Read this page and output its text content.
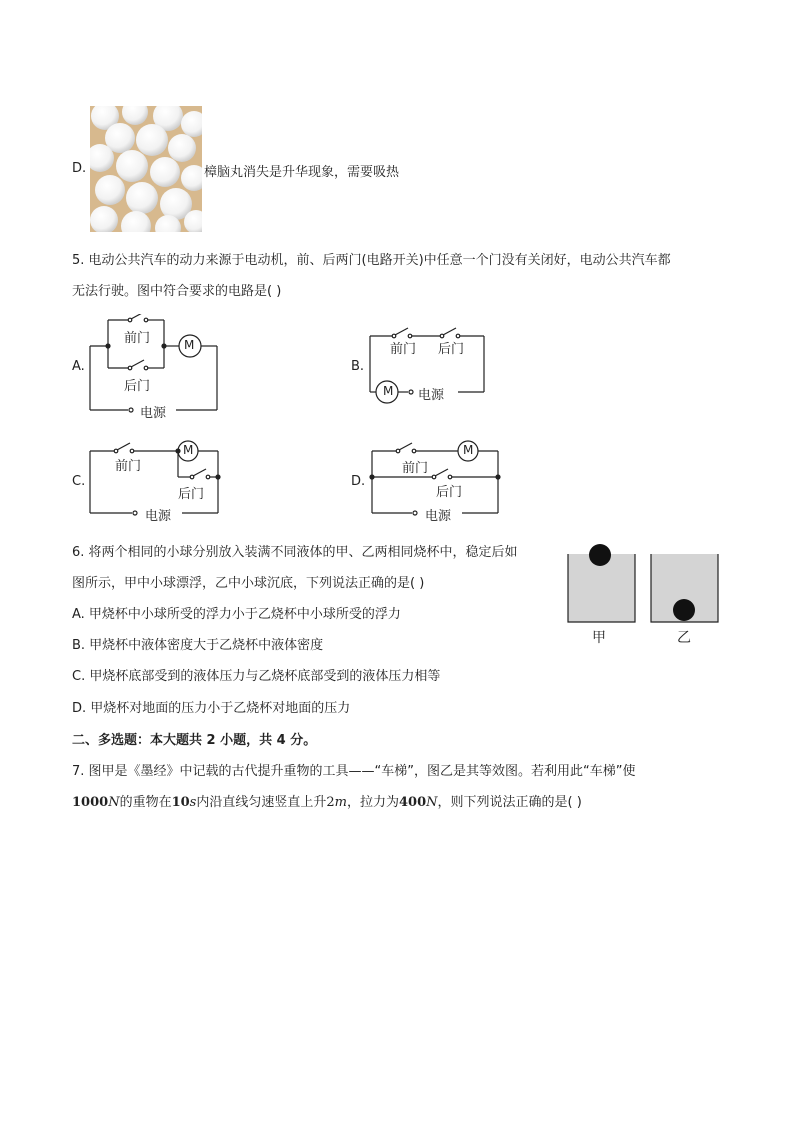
D.	樟脑丸消失是升华现象，需要吸热
5. 电动公共汽车的动力来源于电动机，前、后两门(电路开关)中任意一个门没有关闭好，电动公共汽车都
无法行驶。图中符合要求的电路是( )
A.
前门
后门
M
电源
B.
前门 后门
M 电源
C.
前门
后门
M
电源
D.
前门
后门
M
电源
6. 将两个相同的小球分别放入装满不同液体的甲、乙两相同烧杯中，稳定后如
图所示，甲中小球漂浮，乙中小球沉底，下列说法正确的是( )
A. 甲烧杯中小球所受的浮力小于乙烧杯中小球所受的浮力
B. 甲烧杯中液体密度大于乙烧杯中液体密度
C. 甲烧杯底部受到的液体压力与乙烧杯底部受到的液体压力相等
D. 甲烧杯对地面的压力小于乙烧杯对地面的压力
甲	乙
二、多选题：本大题共 2 小题，共 4 分。
7. 图甲是《墨经》中记载的古代提升重物的工具——“车梯”，图乙是其等效图。若利用此“车梯”使
1000N的重物在10s内沿直线匀速竖直上升2m，拉力为400N，则下列说法正确的是( )
